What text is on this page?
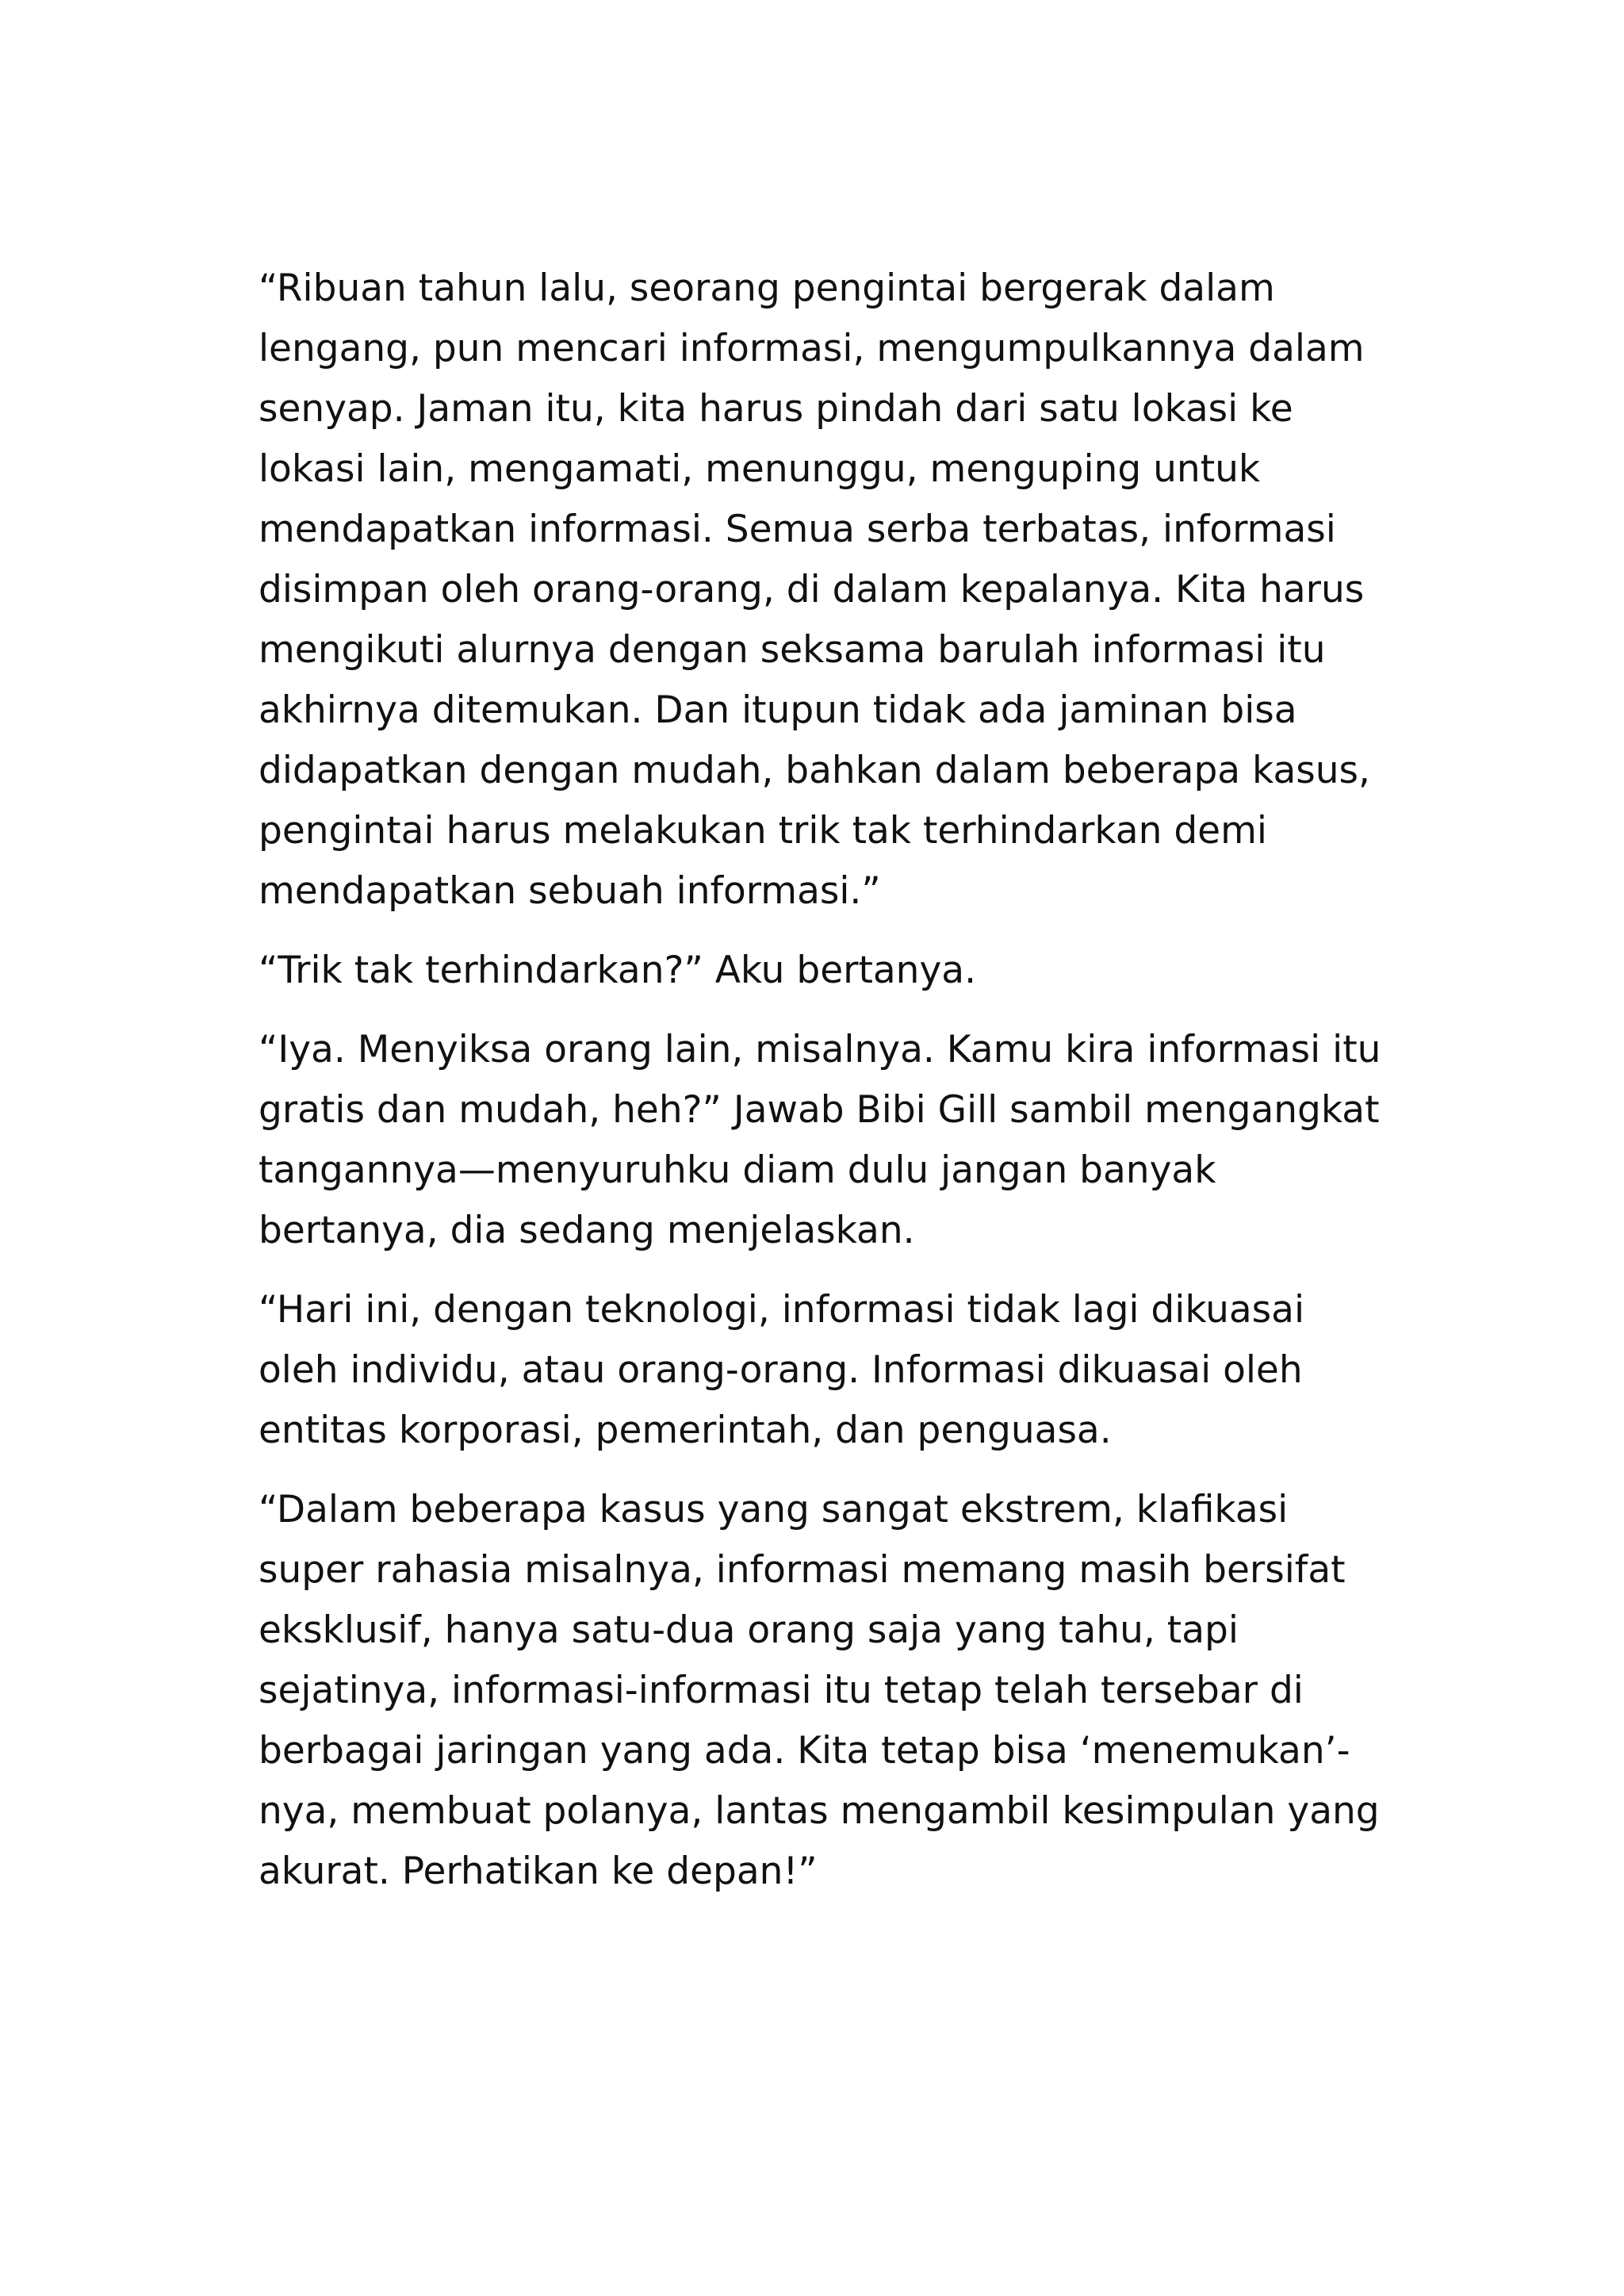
“Ribuan tahun lalu, seorang pengintai bergerak dalam
lengang, pun mencari informasi, mengumpulkannya dalam
senyap. Jaman itu, kita harus pindah dari satu lokasi ke
lokasi lain, mengamati, menunggu, menguping untuk
mendapatkan informasi. Semua serba terbatas, informasi
disimpan oleh orang-orang, di dalam kepalanya. Kita harus
mengikuti alurnya dengan seksama barulah informasi itu
akhirnya ditemukan. Dan itupun tidak ada jaminan bisa
didapatkan dengan mudah, bahkan dalam beberapa kasus,
pengintai harus melakukan trik tak terhindarkan demi
mendapatkan sebuah informasi.”

“Trik tak terhindarkan?” Aku bertanya.

“Iya. Menyiksa orang lain, misalnya. Kamu kira informasi itu
gratis dan mudah, heh?” Jawab Bibi Gill sambil mengangkat
tangannya—menyuruhku diam dulu jangan banyak
bertanya, dia sedang menjelaskan.

“Hari ini, dengan teknologi, informasi tidak lagi dikuasai
oleh individu, atau orang-orang. Informasi dikuasai oleh
entitas korporasi, pemerintah, dan penguasa.

“Dalam beberapa kasus yang sangat ekstrem, klafikasi
super rahasia misalnya, informasi memang masih bersifat
eksklusif, hanya satu-dua orang saja yang tahu, tapi
sejatinya, informasi-informasi itu tetap telah tersebar di
berbagai jaringan yang ada. Kita tetap bisa ‘menemukan’-
nya, membuat polanya, lantas mengambil kesimpulan yang
akurat. Perhatikan ke depan!”
